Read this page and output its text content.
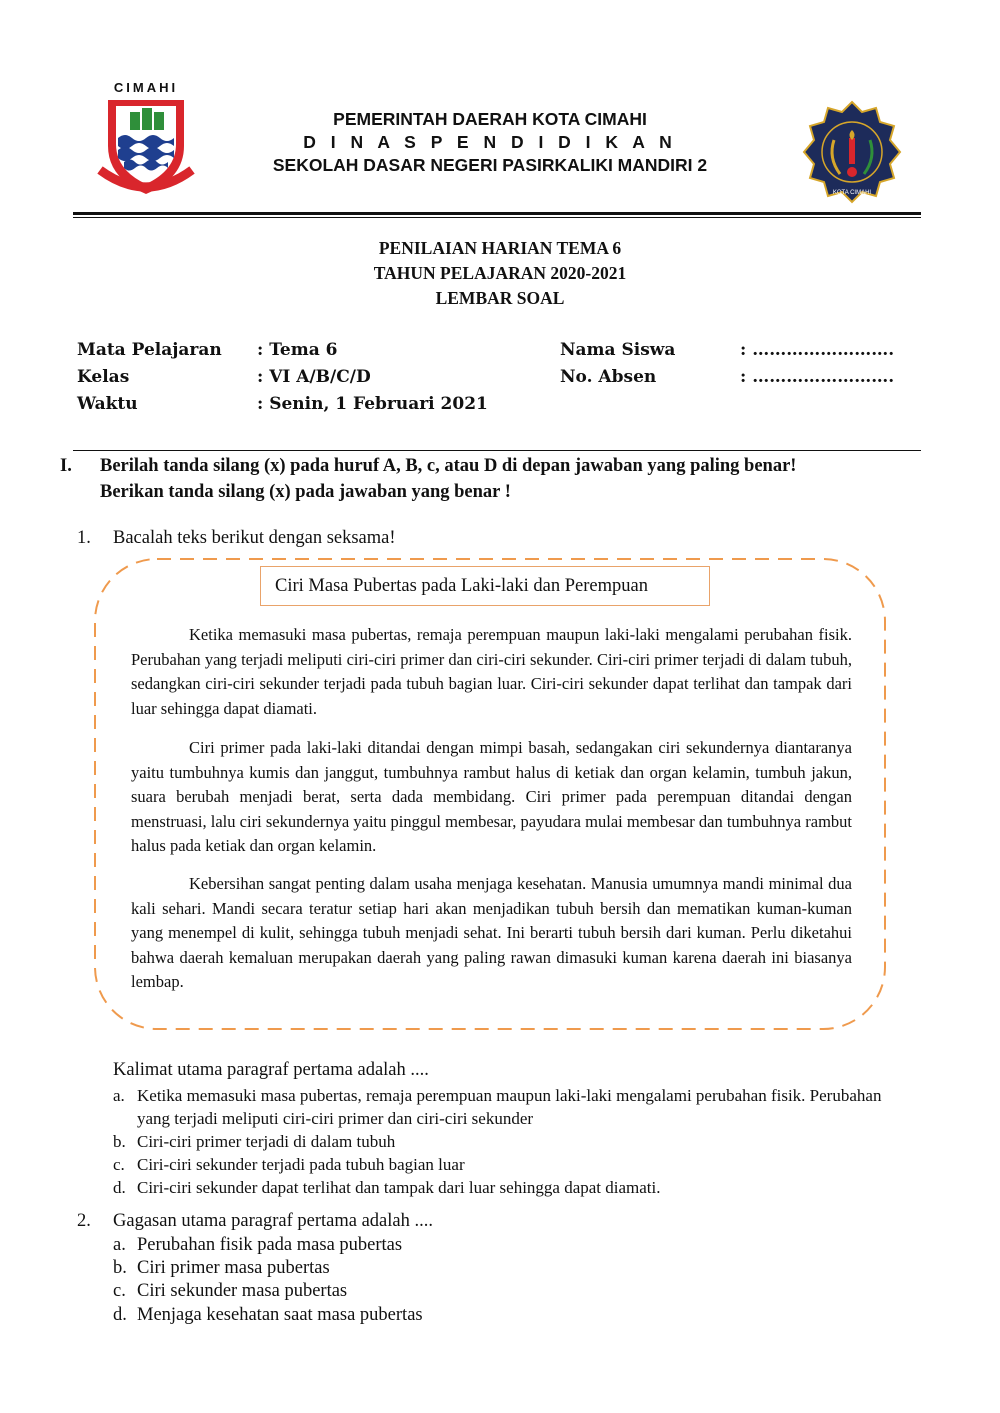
CIMAHI
PEMERINTAH DAERAH KOTA CIMAHI
D I N A S P E N D I D I K A N
SEKOLAH DASAR NEGERI PASIRKALIKI MANDIRI 2
KOTA CIMAHI
PENILAIAN HARIAN TEMA 6
TAHUN PELAJARAN 2020-2021
LEMBAR SOAL
Mata Pelajaran : Tema 6	Nama Siswa	: …………………….
Kelas	: VI A/B/C/D	No. Absen	: …………………….
Waktu	: Senin, 1 Februari 2021
I. Berilah tanda silang (x) pada huruf A, B, c, atau D di depan jawaban yang paling benar!
Berikan tanda silang (x) pada jawaban yang benar !
1. Bacalah teks berikut dengan seksama!
Ciri Masa Pubertas pada Laki-laki dan Perempuan
Ketika memasuki masa pubertas, remaja perempuan maupun laki-laki mengalami perubahan fisik. Perubahan yang terjadi meliputi ciri-ciri primer dan ciri-ciri sekunder. Ciri-ciri primer terjadi di dalam tubuh, sedangkan ciri-ciri sekunder terjadi pada tubuh bagian luar. Ciri-ciri sekunder dapat terlihat dan tampak dari luar sehingga dapat diamati.
Ciri primer pada laki-laki ditandai dengan mimpi basah, sedangakan ciri sekundernya diantaranya yaitu tumbuhnya kumis dan janggut, tumbuhnya rambut halus di ketiak dan organ kelamin, tumbuh jakun, suara berubah menjadi berat, serta dada membidang. Ciri primer pada perempuan ditandai dengan menstruasi, lalu ciri sekundernya yaitu pinggul membesar, payudara mulai membesar dan tumbuhnya rambut halus pada ketiak dan organ kelamin.
Kebersihan sangat penting dalam usaha menjaga kesehatan. Manusia umumnya mandi minimal dua kali sehari. Mandi secara teratur setiap hari akan menjadikan tubuh bersih dan mematikan kuman-kuman yang menempel di kulit, sehingga tubuh menjadi sehat. Ini berarti tubuh bersih dari kuman. Perlu diketahui bahwa daerah kemaluan merupakan daerah yang paling rawan dimasuki kuman karena daerah ini biasanya lembap.
Kalimat utama paragraf pertama adalah ....
a. Ketika memasuki masa pubertas, remaja perempuan maupun laki-laki mengalami perubahan fisik. Perubahan yang terjadi meliputi ciri-ciri primer dan ciri-ciri sekunder
b. Ciri-ciri primer terjadi di dalam tubuh
c. Ciri-ciri sekunder terjadi pada tubuh bagian luar
d. Ciri-ciri sekunder dapat terlihat dan tampak dari luar sehingga dapat diamati.
2. Gagasan utama paragraf pertama adalah ....
a. Perubahan fisik pada masa pubertas
b. Ciri primer masa pubertas
c. Ciri sekunder masa pubertas
d. Menjaga kesehatan saat masa pubertas
